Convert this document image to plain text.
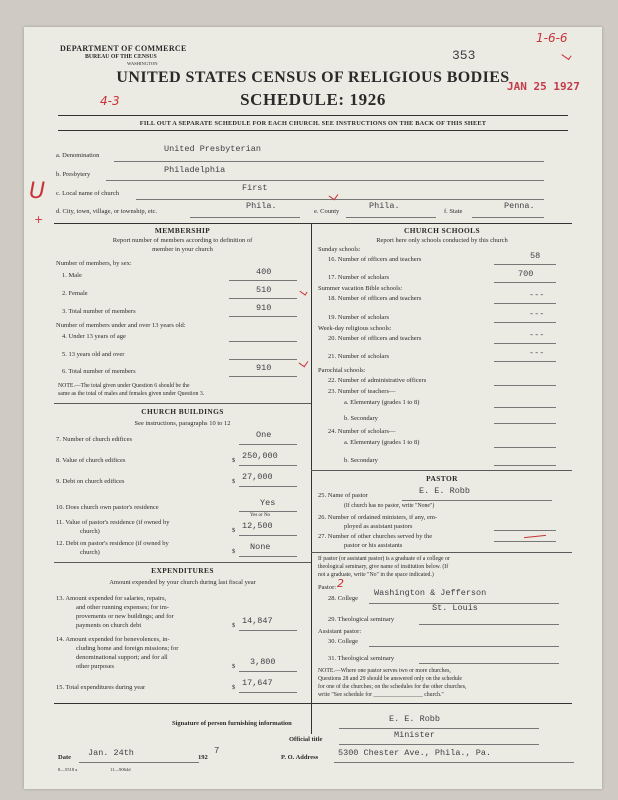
DEPARTMENT OF COMMERCE
BUREAU OF THE CENSUS
WASHINGTON
353
1-6-6
JAN 25 1927
UNITED STATES CENSUS OF RELIGIOUS BODIES
SCHEDULE: 1926
4-3
FILL OUT A SEPARATE SCHEDULE FOR EACH CHURCH. SEE INSTRUCTIONS ON THE BACK OF THIS SHEET
a. Denomination
United Presbyterian
b. Presbytery	Philadelphia
U
+
c. Local name of church
First
d. City, town, village, or township, etc.
Phila.
e. County
Phila.
f. State
Penna.
MEMBERSHIP
Report number of members according to definition of
member in your church
Number of members, by sex:
1. Male	400
2. Female	510
3. Total number of members	910
Number of members under and over 13 years old:
4. Under 13 years of age
5. 13 years old and over
6. Total number of members	910
NOTE.—The total given under Question 6 should be the
same as the total of males and females given under Question 3.
CHURCH BUILDINGS
See instructions, paragraphs 10 to 12
7. Number of church edifices	One
8. Value of church edifices	$ 250,000
9. Debt on church edifices	$ 27,000
10. Does church own pastor's residence	Yes
Yes or No
11. Value of pastor's residence (if owned by
church)	$ 12,500
12. Debt on pastor's residence (if owned by
church)	$ None
EXPENDITURES
Amount expended by your church during last fiscal year
13. Amount expended for salaries, repairs,
and other running expenses; for im-
provements or new buildings; and for
payments on church debt	$ 14,847
14. Amount expended for benevolences, in-
cluding home and foreign missions; for
denominational support; and for all
other purposes	$ 3,800
15. Total expenditures during year	$ 17,647
CHURCH SCHOOLS
Report here only schools conducted by this church
Sunday schools:
16. Number of officers and teachers	58
17. Number of scholars	700
Summer vacation Bible schools:
18. Number of officers and teachers	---
19. Number of scholars	---
Week-day religious schools:
20. Number of officers and teachers	---
21. Number of scholars	---
Parochial schools:
22. Number of administrative officers
23. Number of teachers—
a. Elementary (grades 1 to 8)
b. Secondary
24. Number of scholars—
a. Elementary (grades 1 to 8)
b. Secondary
PASTOR
25. Name of pastor	E. E. Robb
(If church has no pastor, write "None")
26. Number of ordained ministers, if any, em-
ployed as assistant pastors
27. Number of other churches served by the
pastor or his assistants
If pastor (or assistant pastor) is a graduate of a college or
theological seminary, give name of institution below. (If
not a graduate, write "No" in the space indicated.)
Pastor: 2
28. College
Washington & Jefferson
29. Theological seminary
St. Louis
Assistant pastor:
30. College
31. Theological seminary
NOTE.—Where one pastor serves two or more churches,
Questions 28 and 29 should be answered only on the schedule
for one of the churches; on the schedules for the other churches,
write "See schedule for _________________ church."
Signature of person furnishing information	E. E. Robb
Official title	Minister
Date Jan. 24th	192
7
P. O. Address 5300 Chester Ave., Phila., Pa.
8—5518 a	11—9064d
